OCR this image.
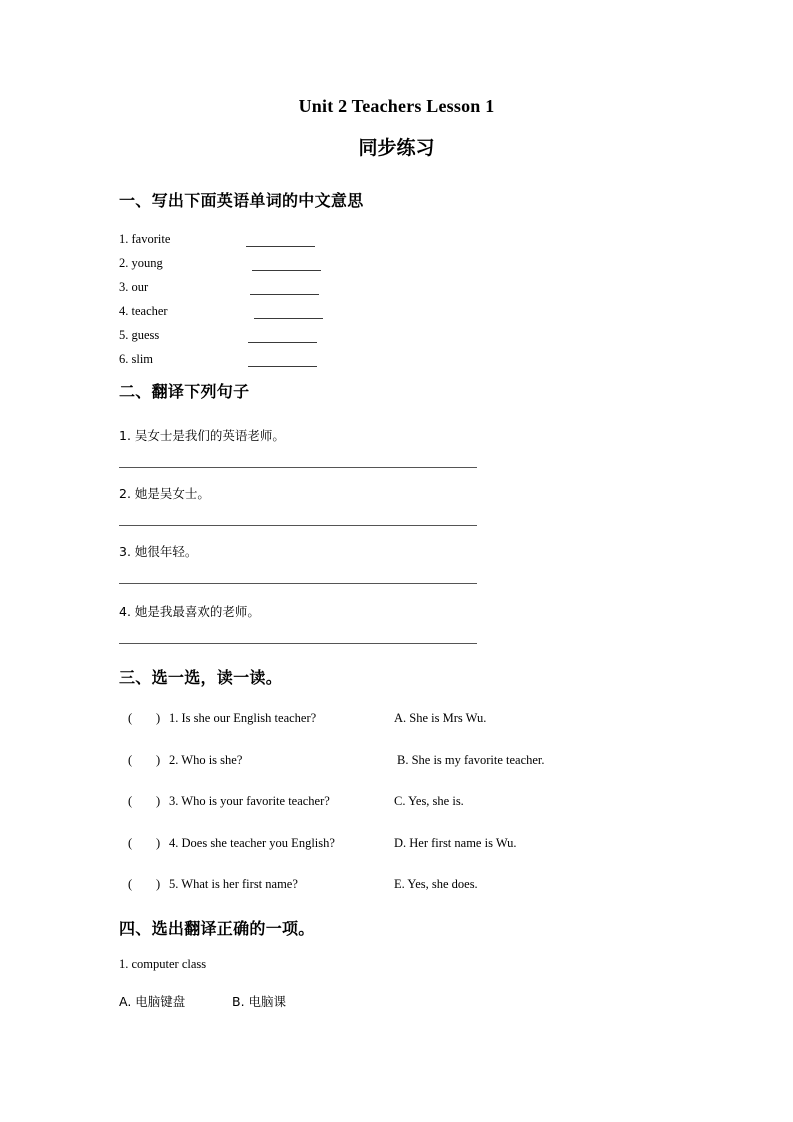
Unit 2 Teachers Lesson 1
同步练习
一、写出下面英语单词的中文意思
1. favorite
2. young
3. our
4. teacher
5. guess
6. slim
二、翻译下列句子
1. 吴女士是我们的英语老师。
2. 她是吴女士。
3. 她很年轻。
4. 她是我最喜欢的老师。
三、选一选，读一读。
( ) 1. Is she our English teacher?	A. She is Mrs Wu.
( ) 2. Who is she?	B. She is my favorite teacher.
( ) 3. Who is your favorite teacher?	C. Yes, she is.
( ) 4. Does she teacher you English?	D. Her first name is Wu.
( ) 5. What is her first name?	E. Yes, she does.
四、选出翻译正确的一项。
1. computer class
A. 电脑键盘	B. 电脑课
